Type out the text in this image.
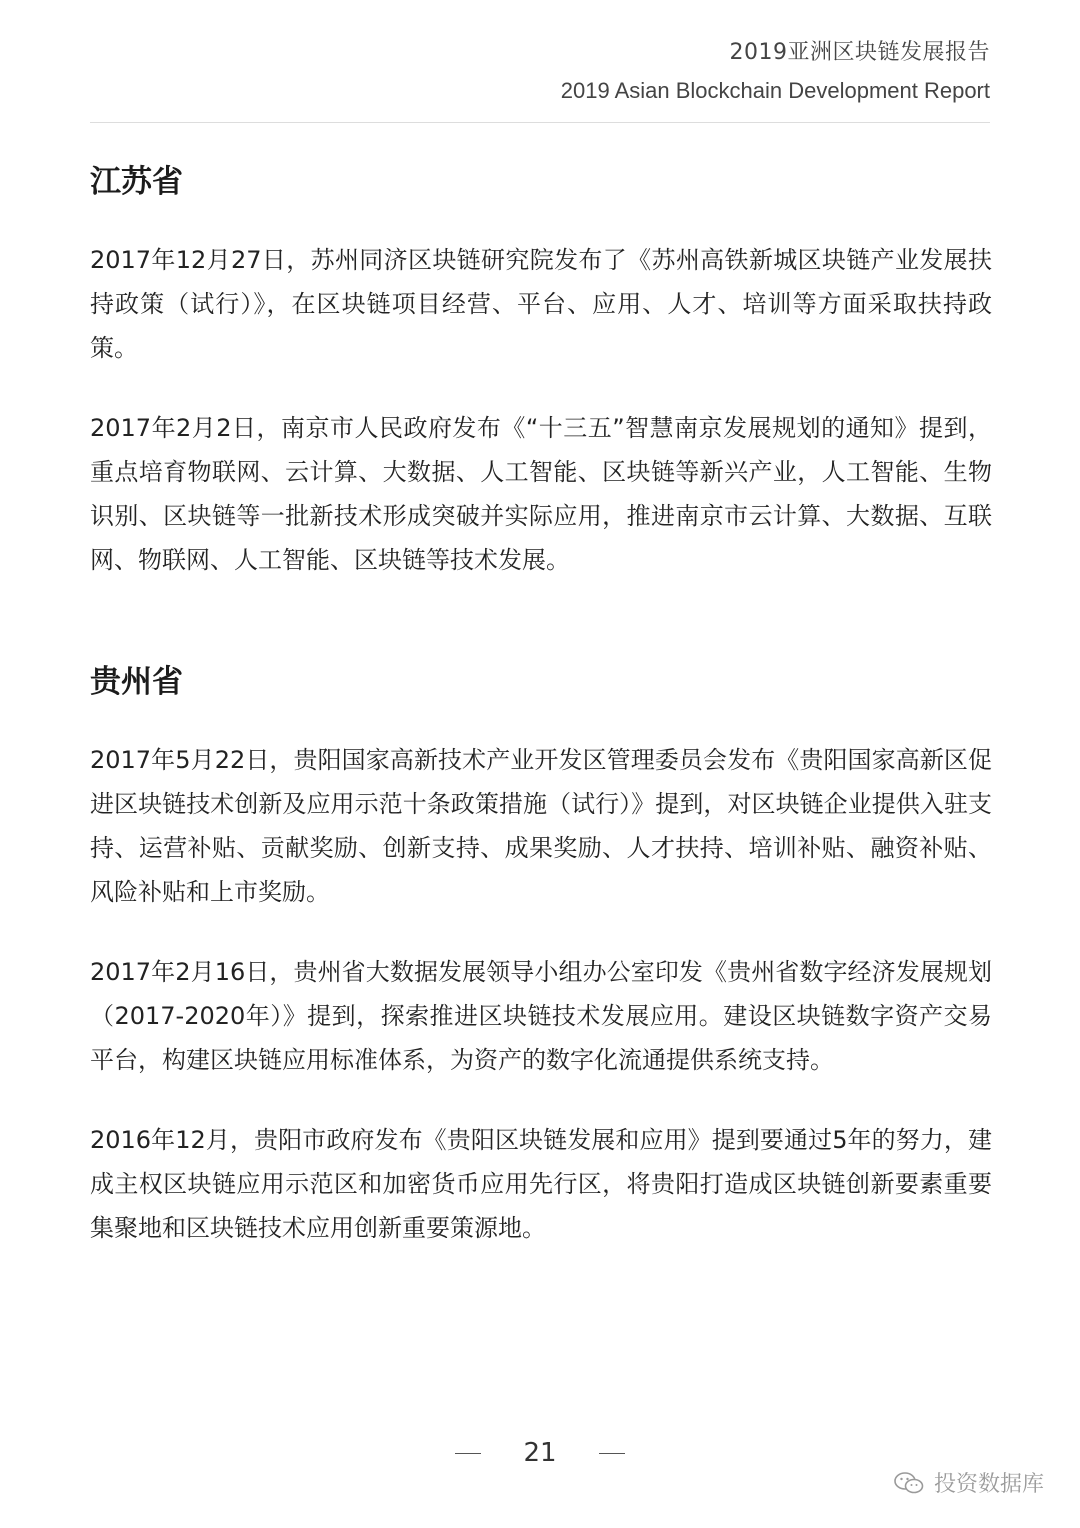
2019亚洲区块链发展报告
2019 Asian Blockchain Development Report
江苏省

2017年12月27日，苏州同济区块链研究院发布了《苏州高铁新城区块链产业发展扶持政策（试行）》，在区块链项目经营、平台、应用、人才、培训等方面采取扶持政策。

2017年2月2日，南京市人民政府发布《“十三五”智慧南京发展规划的通知》提到，重点培育物联网、云计算、大数据、人工智能、区块链等新兴产业，人工智能、生物识别、区块链等一批新技术形成突破并实际应用，推进南京市云计算、大数据、互联网、物联网、人工智能、区块链等技术发展。

贵州省

2017年5月22日，贵阳国家高新技术产业开发区管理委员会发布《贵阳国家高新区促进区块链技术创新及应用示范十条政策措施（试行）》提到，对区块链企业提供入驻支持、运营补贴、贡献奖励、创新支持、成果奖励、人才扶持、培训补贴、融资补贴、风险补贴和上市奖励。

2017年2月16日，贵州省大数据发展领导小组办公室印发《贵州省数字经济发展规划（2017-2020年）》提到，探索推进区块链技术发展应用。建设区块链数字资产交易平台，构建区块链应用标准体系，为资产的数字化流通提供系统支持。

2016年12月，贵阳市政府发布《贵阳区块链发展和应用》提到要通过5年的努力，建成主权区块链应用示范区和加密货币应用先行区，将贵阳打造成区块链创新要素重要集聚地和区块链技术应用创新重要策源地。

21
投资数据库
